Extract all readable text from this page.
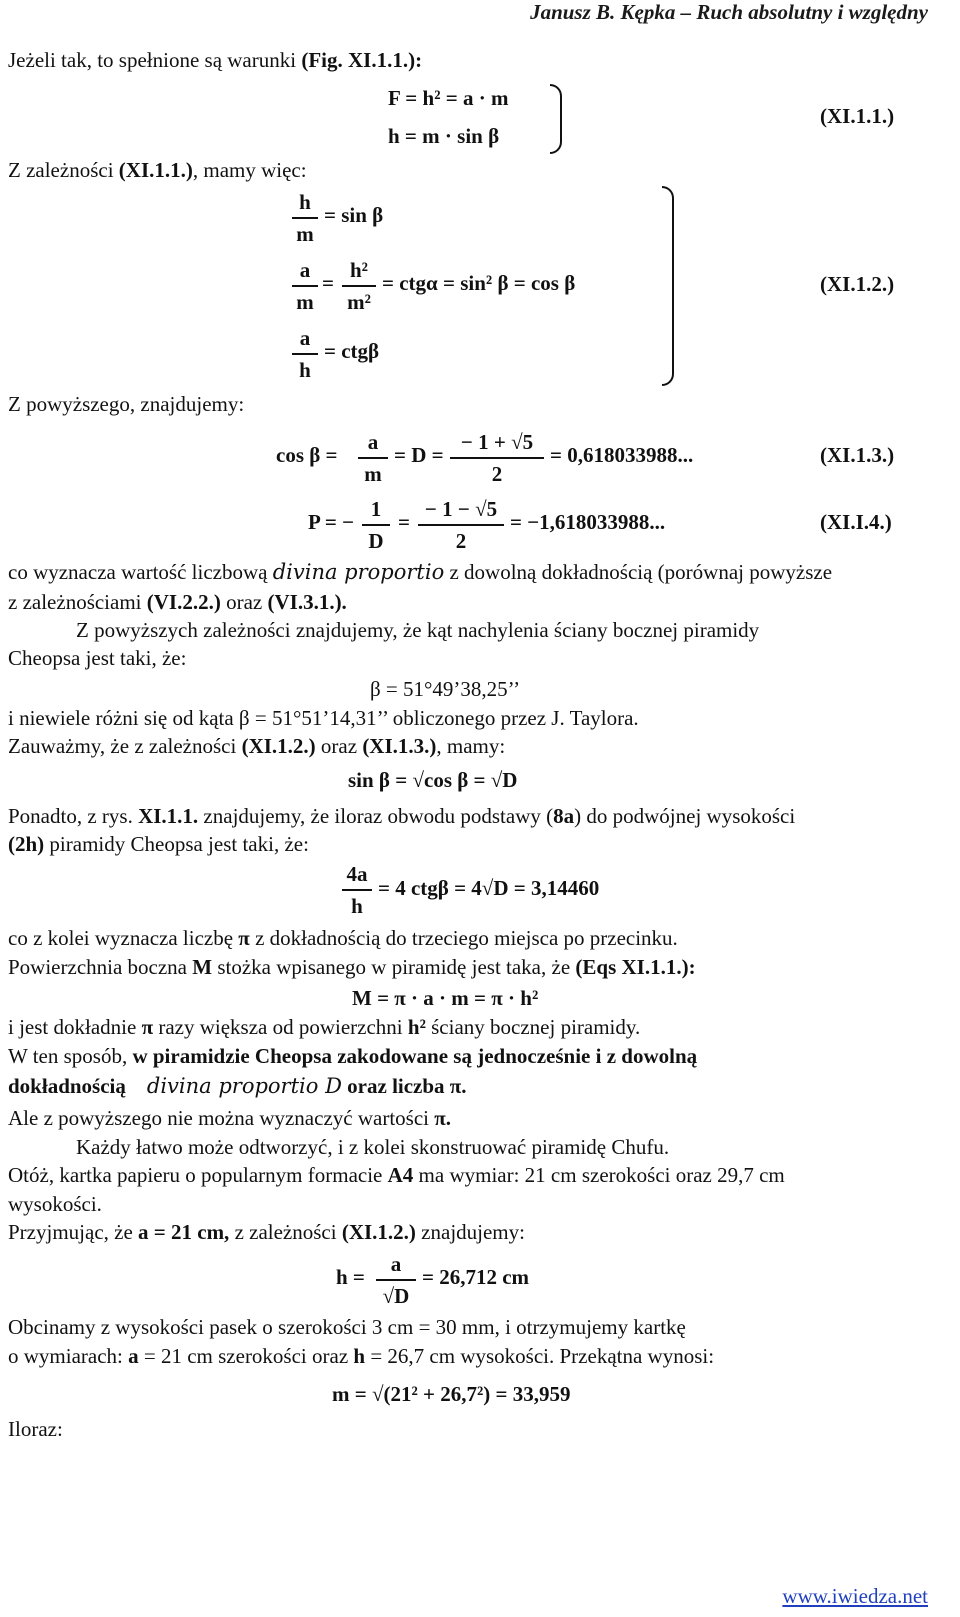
Janusz B. Kępka – Ruch absolutny i względny
Jeżeli tak, to spełnione są warunki (Fig. XI.1.1.):
F = h² = a · m
h = m · sin β
(XI.1.1.)
Z zależności (XI.1.1.), mamy więc:
h
m
= sin β
a
m
=
h²
m²
= ctgα = sin² β = cos β
a
h
= ctgβ
(XI.1.2.)
Z powyższego, znajdujemy:
cos β =
a
m
= D =
− 1 + √5
2
= 0,618033988...	(XI.1.3.)
P = −
1
D
=
− 1 − √5
2
= −1,618033988...	(XI.I.4.)
co wyznacza wartość liczbową divina proportio z dowolną dokładnością (porównaj powyższe
z zależnościami (VI.2.2.) oraz (VI.3.1.).
Z powyższych zależności znajdujemy, że kąt nachylenia ściany bocznej piramidy
Cheopsa jest taki, że:
β = 51°49’38,25’’
i niewiele różni się od kąta β = 51°51’14,31’’ obliczonego przez J. Taylora.
Zauważmy, że z zależności (XI.1.2.) oraz (XI.1.3.), mamy:
sin β = √cos β = √D
Ponadto, z rys. XI.1.1. znajdujemy, że iloraz obwodu podstawy (8a) do podwójnej wysokości
(2h) piramidy Cheopsa jest taki, że:
4a
h
= 4 ctgβ = 4√D = 3,14460
co z kolei wyznacza liczbę π z dokładnością do trzeciego miejsca po przecinku.
Powierzchnia boczna M stożka wpisanego w piramidę jest taka, że (Eqs XI.1.1.):
M = π · a · m = π · h²
i jest dokładnie π razy większa od powierzchni h² ściany bocznej piramidy.
W ten sposób, w piramidzie Cheopsa zakodowane są jednocześnie i z dowolną
dokładnością divina proportio D oraz liczba π.
Ale z powyższego nie można wyznaczyć wartości π.
Każdy łatwo może odtworzyć, i z kolei skonstruować piramidę Chufu.
Otóż, kartka papieru o popularnym formacie A4 ma wymiar: 21 cm szerokości oraz 29,7 cm
wysokości.
Przyjmując, że a = 21 cm, z zależności (XI.1.2.) znajdujemy:
h =
a
√D
= 26,712 cm
Obcinamy z wysokości pasek o szerokości 3 cm = 30 mm, i otrzymujemy kartkę
o wymiarach: a = 21 cm szerokości oraz h = 26,7 cm wysokości. Przekątna wynosi:
m = √(21² + 26,7²) = 33,959
Iloraz:
www.iwiedza.net
